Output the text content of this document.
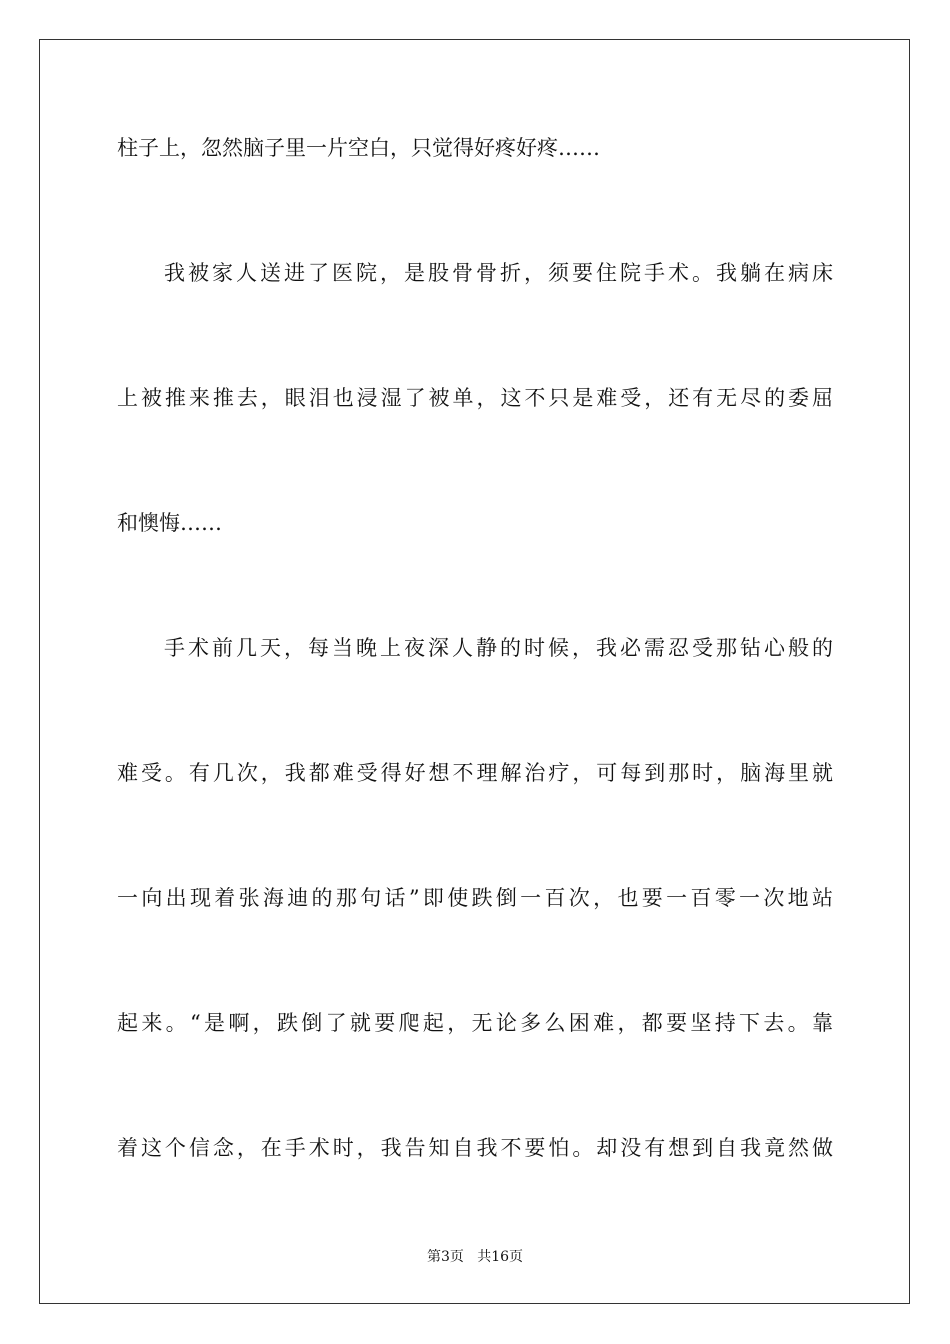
柱子上，忽然脑子里一片空白，只觉得好疼好疼……
我被家人送进了医院，是股骨骨折，须要住院手术。我躺在病床
上被推来推去，眼泪也浸湿了被单，这不只是难受，还有无尽的委屈
和懊悔……
手术前几天，每当晚上夜深人静的时候，我必需忍受那钻心般的
难受。有几次，我都难受得好想不理解治疗，可每到那时，脑海里就
一向出现着张海迪的那句话”即使跌倒一百次，也要一百零一次地站
起来。“是啊，跌倒了就要爬起，无论多么困难，都要坚持下去。靠
着这个信念，在手术时，我告知自我不要怕。却没有想到自我竟然做
第3页   共16页
